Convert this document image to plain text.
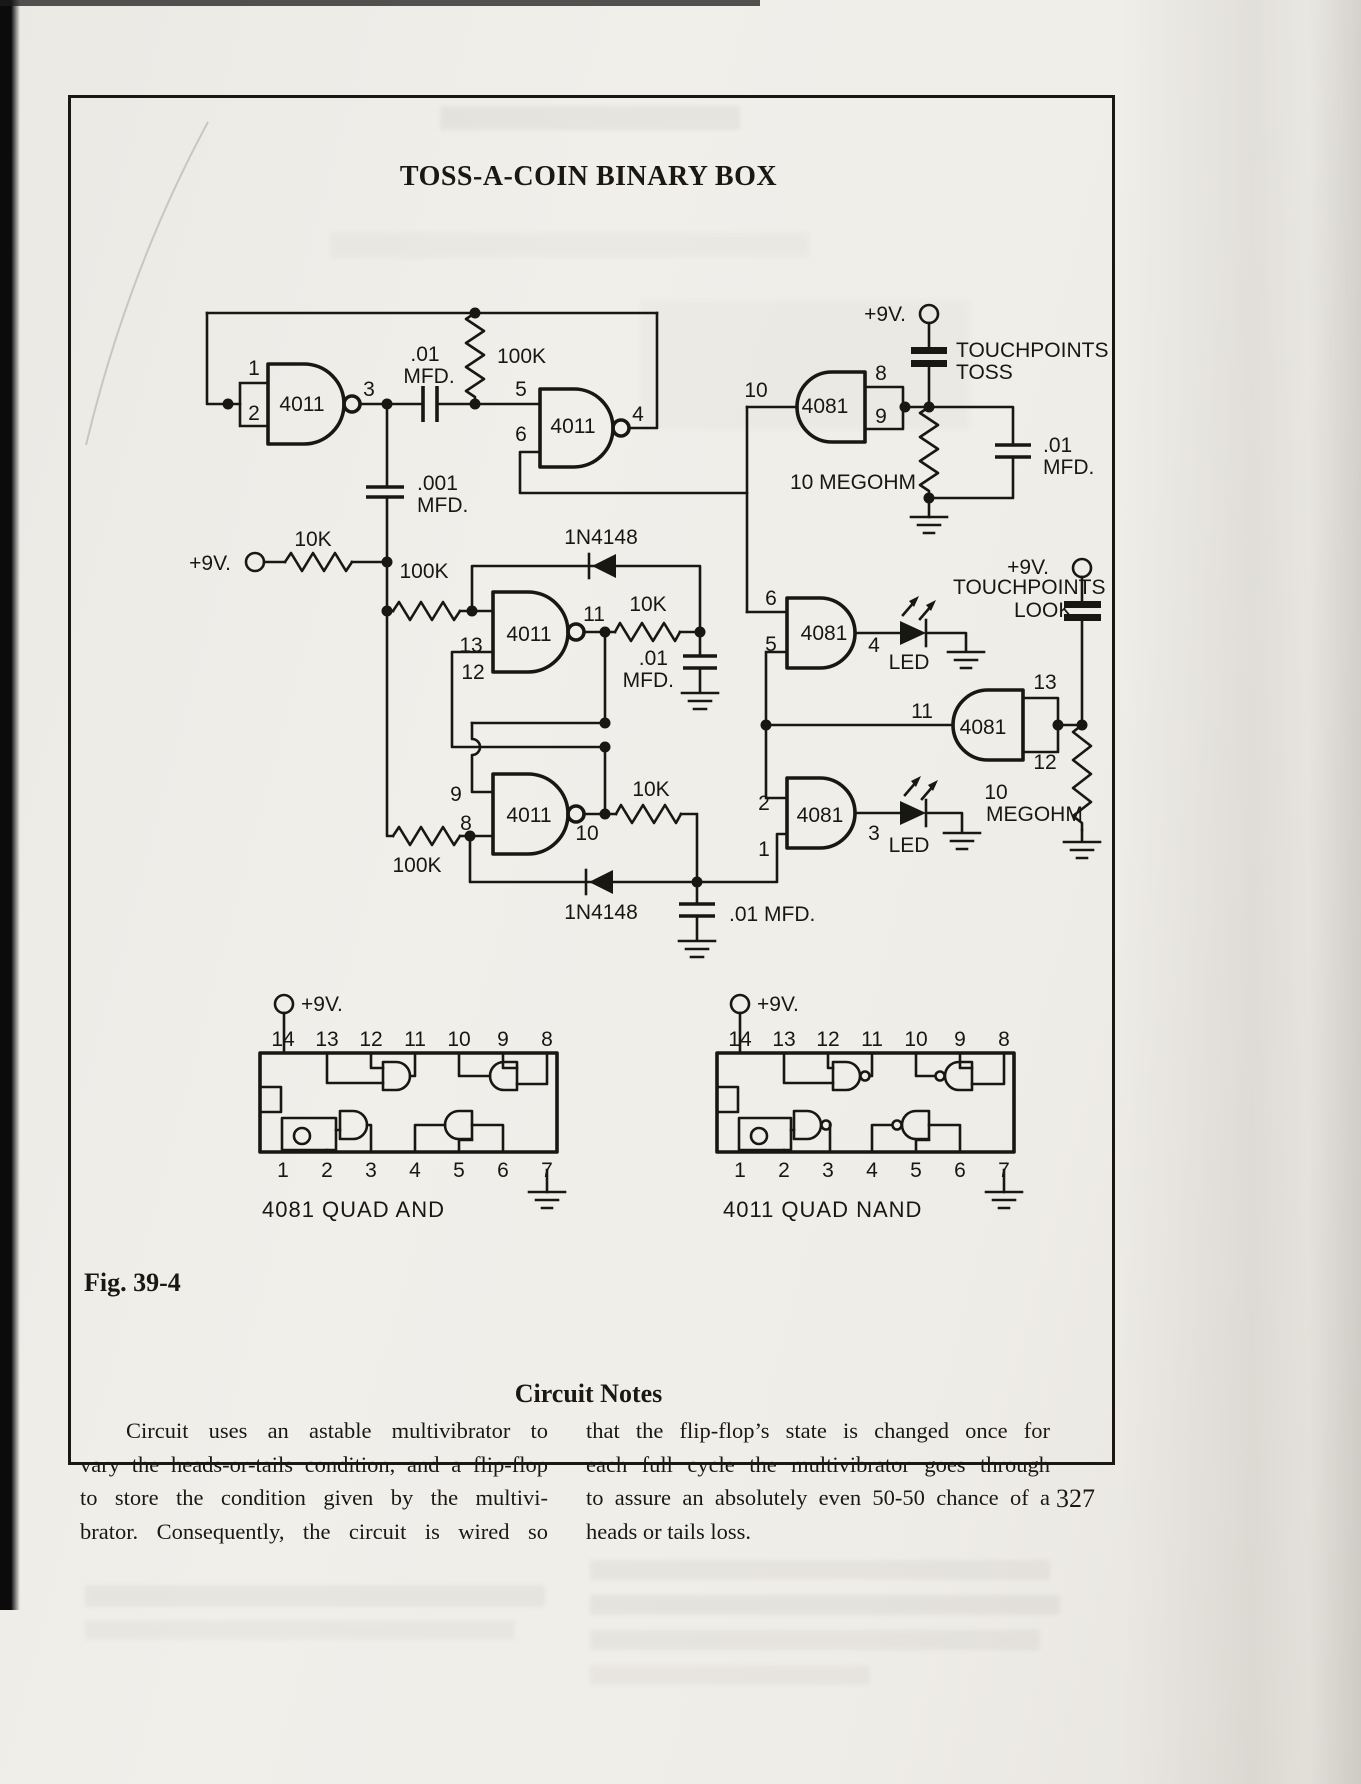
TOSS-A-COIN BINARY BOX
Fig. 39-4
Circuit Notes
Circuit uses an astable multivibrator to
vary the heads-or-tails condition, and a flip-flop
to store the condition given by the multivi-
brator. Consequently, the circuit is wired so
that the flip-flop’s state is changed once for
each full cycle the multivibrator goes through
to assure an absolutely even 50-50 chance of a
heads or tails loss.
327
1
2 4011
3
.01
MFD.
100K
5
6 4011
4
.001
MFD.
10
8
9
4081
+9V.
TOUCHPOINTS
TOSS
10 MEGOHM
.01
MFD.
+9V.
10K
100K
1N4148
13
12
11
4011
10K
.01
MFD.
9
8 4011
10
10K
100K
1N4148	.01 MFD.
6
5 4081
4
LED
+9V.
TOUCHPOINTS
LOOK
11
4081
13
12
10
MEGOHM
2
1
4081
3
LED
+9V.
14 13 12 11 10 9 8
1 2 3 4 5 6 7
4081 QUAD AND
+9V.
14 13 12 11 10 9 8
1 2 3 4 5 6 7
4011 QUAD NAND
